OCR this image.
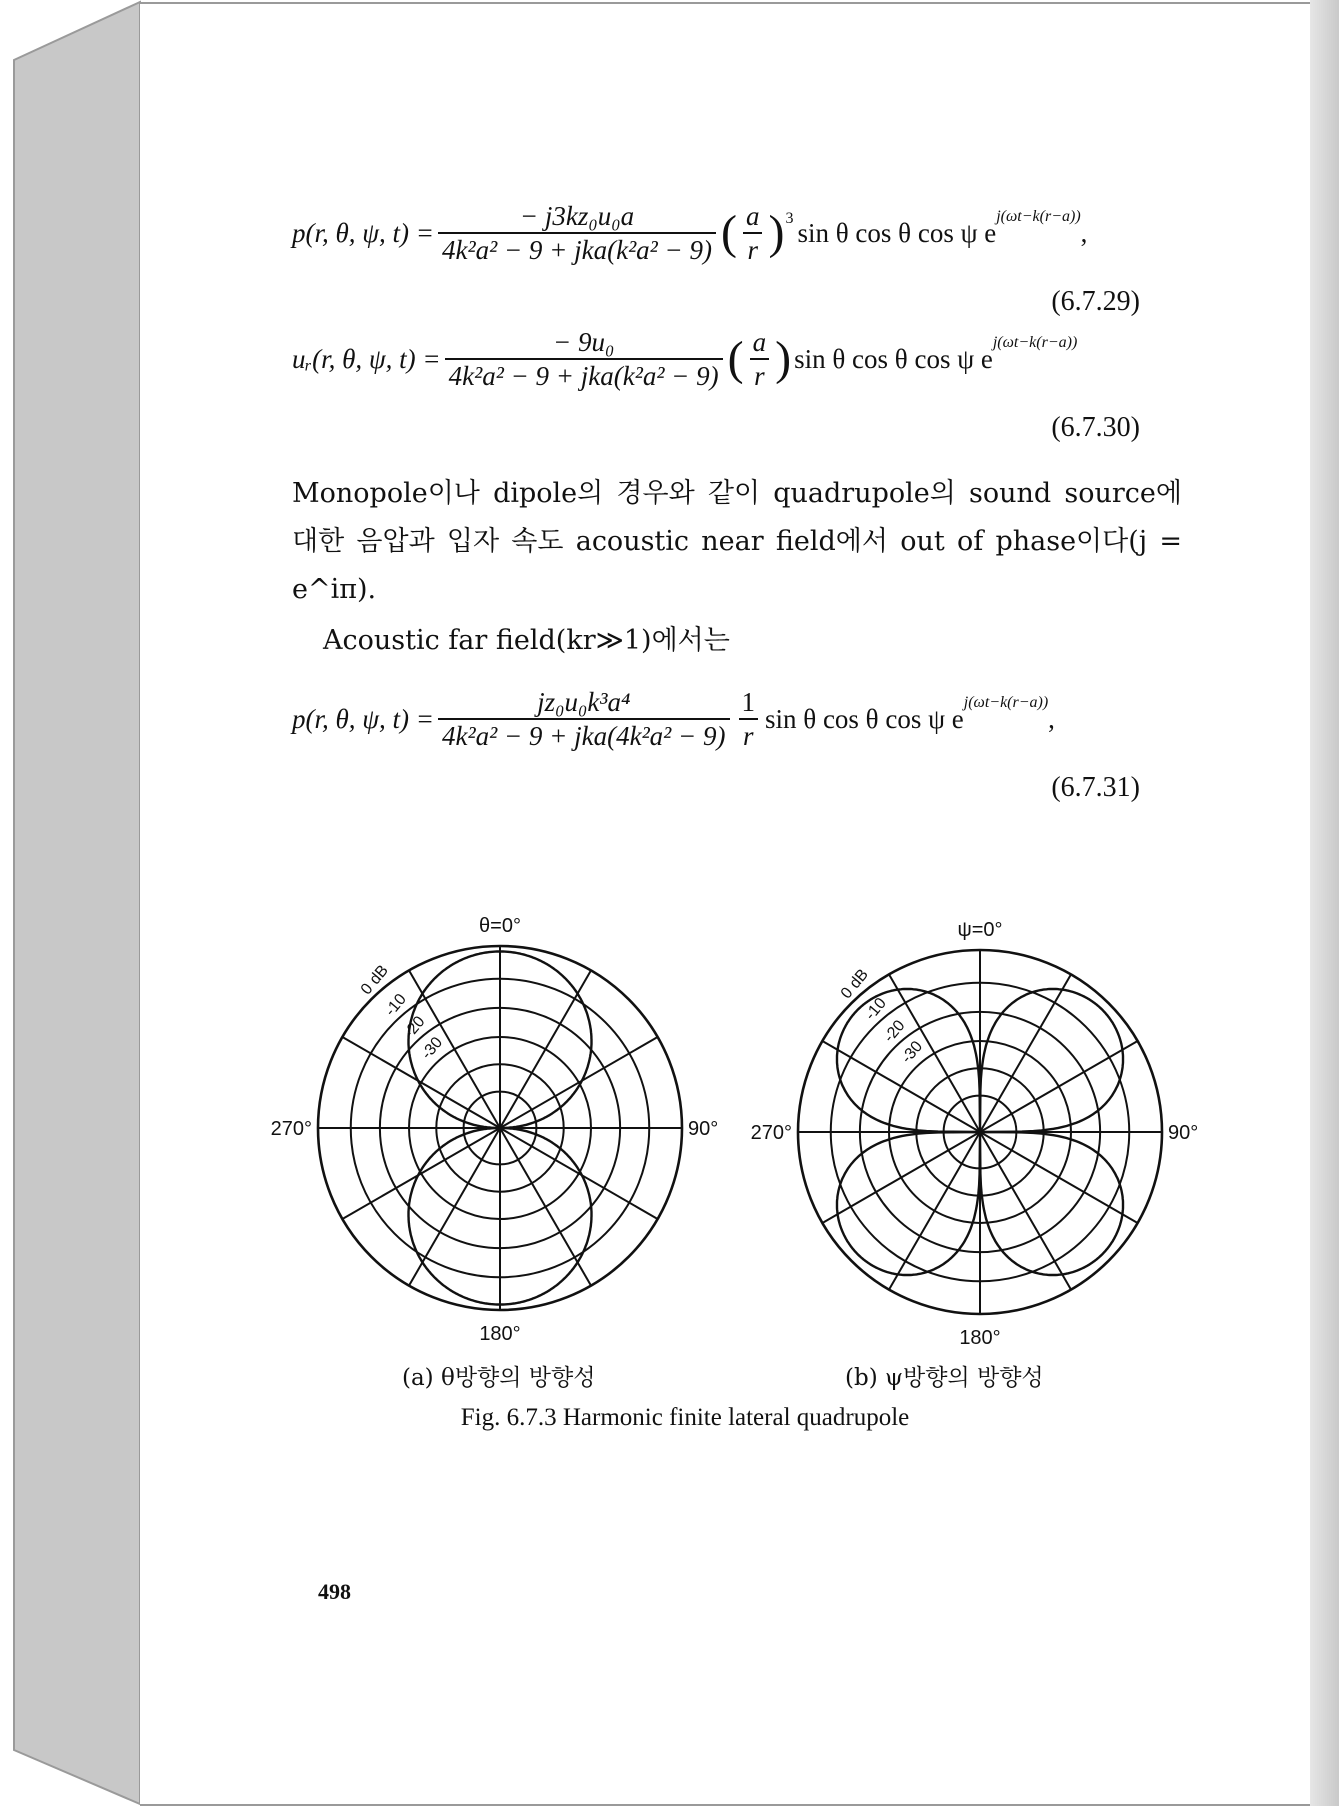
p(r, θ, ψ, $t) = \frac{\text{− j3kz₀u₀a}}{\text{4k²a² − 9 + jka(k²a² − 9)}}$ ( $\frac{a}{r} )^3$ sin θ cos θ cos ψ e
$^{j(\omega t-k(r-a))}$
,
(6.7.29)
uᵣ(r, θ, ψ, $t) = \frac{\text{− 9u₀}}{\text{4k²a² − 9 + jka(k²a² − 9)}}$ ( $\frac{a}{r}$ ) sin θ cos θ cos ψ e
$^{j(\omega t-k(r-a))}$
(6.7.30)
Monopole이나 dipole의 경우와 같이 quadrupole의 sound source에 대한 음압과 입자 속도 acoustic near field에서 out of phase이다(j = e^iπ).
Acoustic far field(kr≫1)에서는
p(r, θ, ψ, $t) = \frac{\text{jz₀u₀k³a⁴}}{\text{4k²a² − 9 + jka(4k²a² − 9)}} \frac{1}{r}$ sin θ cos θ cos ψ e
$^{j(\omega t-k(r-a))}$
,
(6.7.31)
θ=0°
270°	90°
180°
0 dB
-10
-20
-30
ψ=0°
270°	90°
180°
0 dB
-10
-20
-30
(a) θ방향의 방향성	(b) ψ방향의 방향성
Fig. 6.7.3 Harmonic finite lateral quadrupole
498
